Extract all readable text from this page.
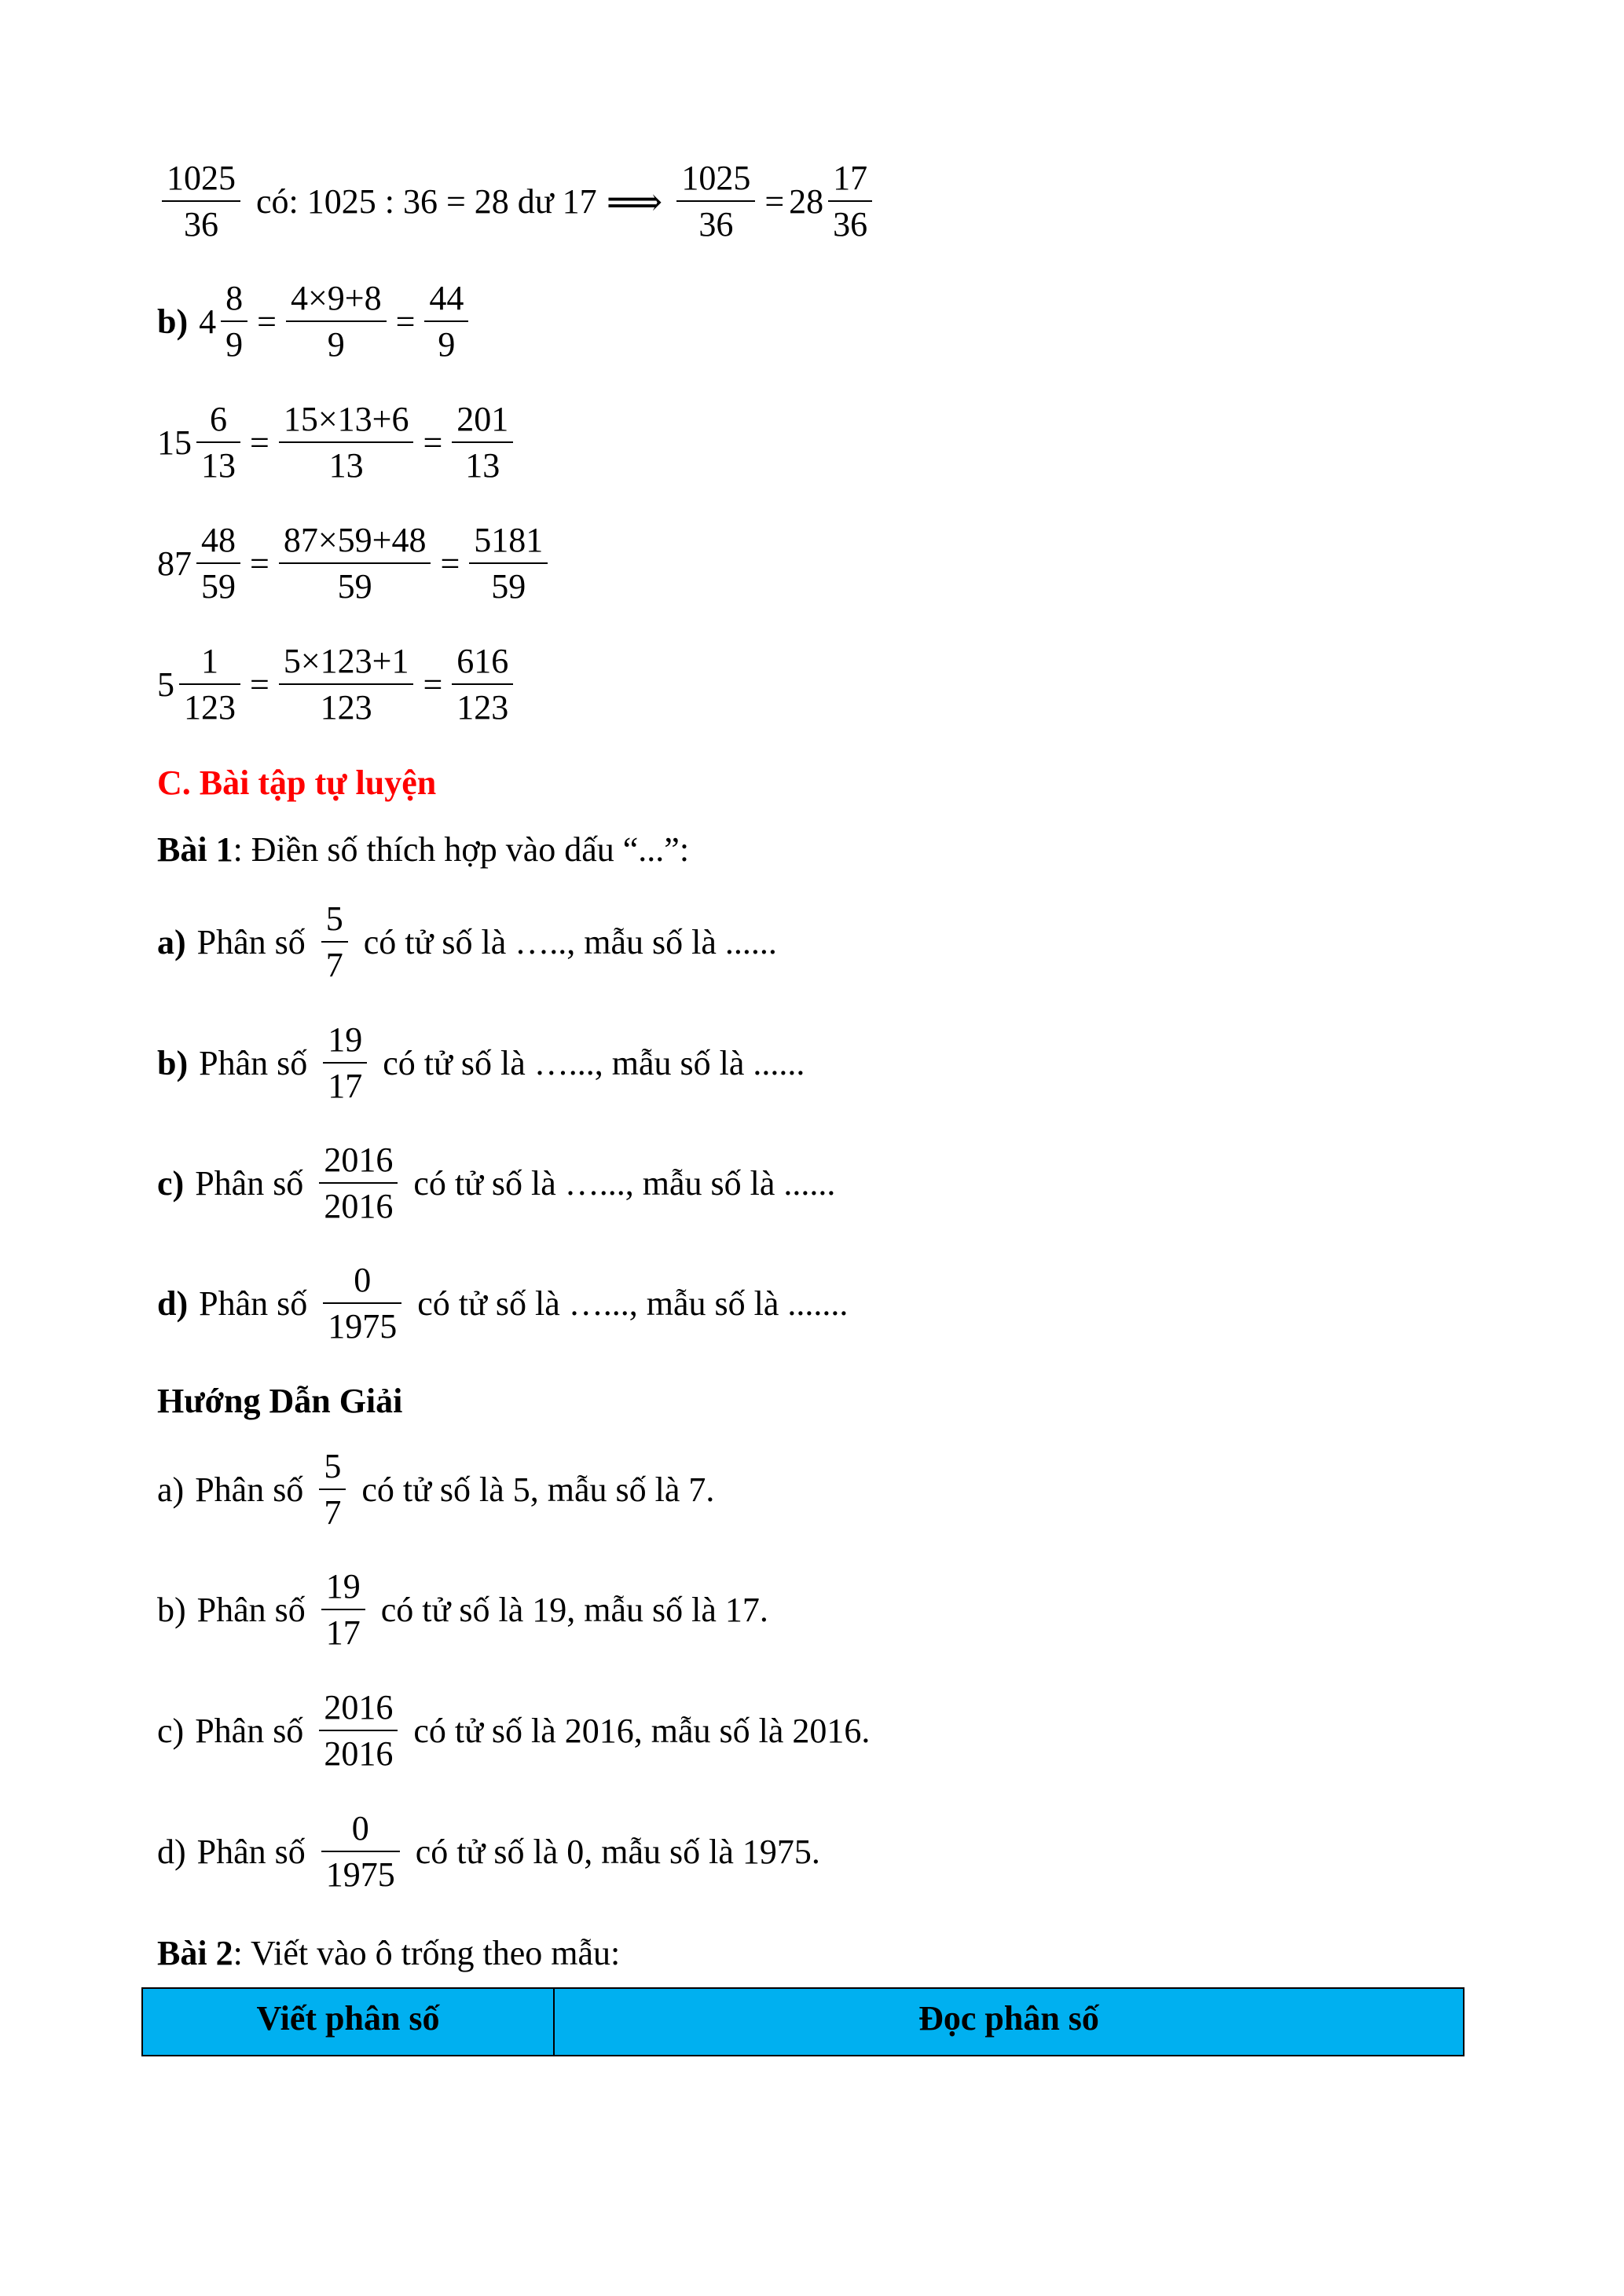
$\frac{1025}{36}$ có: 1025 : 36 = 28 dư 17 ⟹ $\frac{1025}{36} = 28 \frac{17}{36}$
b) $4 \frac{8}{9} = \frac{4\times 9+8}{9} = \frac{44}{9}$
$15 \frac{6}{13} = \frac{15\times 13+6}{13} = \frac{201}{13}$
$87 \frac{48}{59} = \frac{87\times 59+48}{59} = \frac{5181}{59}$
$5 \frac{1}{123} = \frac{5\times 123+1}{123} = \frac{616}{123}$
C. Bài tập tự luyện
Bài 1 : Điền số thích hợp vào dấu “...”:
a) Phân số $\frac{5}{7}$ có tử số là ….., mẫu số là ......
b) Phân số $\frac{19}{17}$ có tử số là …..., mẫu số là ......
c) Phân số $\frac{2016}{2016}$ có tử số là …..., mẫu số là ......
d) Phân số $\frac{0}{1975}$ có tử số là …..., mẫu số là .......
Hướng Dẫn Giải
a) Phân số $\frac{5}{7}$ có tử số là 5, mẫu số là 7.
b) Phân số $\frac{19}{17}$ có tử số là 19, mẫu số là 17.
c) Phân số $\frac{2016}{2016}$ có tử số là 2016, mẫu số là 2016.
d) Phân số $\frac{0}{1975}$ có tử số là 0, mẫu số là 1975.
Bài 2 : Viết vào ô trống theo mẫu:
Viết phân số	Đọc phân số
